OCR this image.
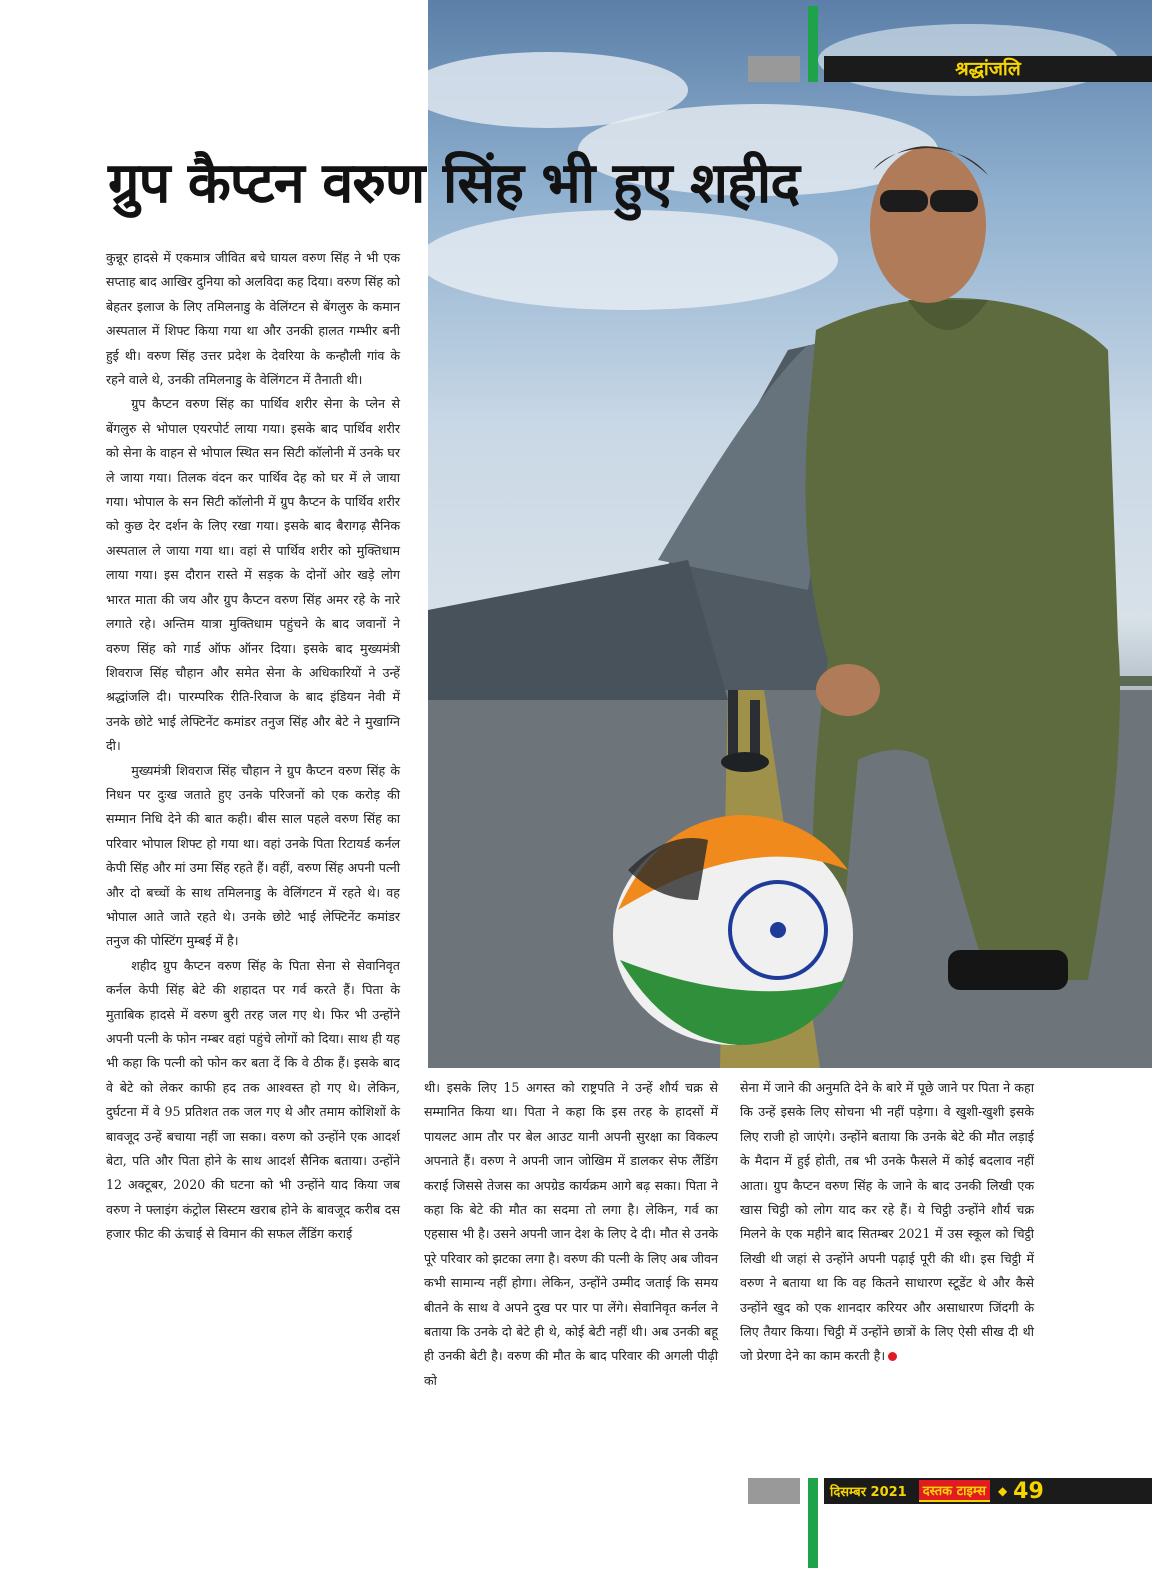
श्रद्धांजलि
ग्रुप कैप्टन वरुण सिंह भी हुए शहीद

कुन्नूर हादसे में एकमात्र जीवित बचे घायल वरुण सिंह ने भी एक सप्ताह बाद आखिर दुनिया को अलविदा कह दिया। वरुण सिंह को बेहतर इलाज के लिए तमिलनाडु के वेलिंग्टन से बेंगलुरु के कमान अस्पताल में शिफ्ट किया गया था और उनकी हालत गम्भीर बनी हुई थी। वरुण सिंह उत्तर प्रदेश के देवरिया के कन्हौली गांव के रहने वाले थे, उनकी तमिलनाडु के वेलिंगटन में तैनाती थी।

ग्रुप कैप्टन वरुण सिंह का पार्थिव शरीर सेना के प्लेन से बेंगलुरु से भोपाल एयरपोर्ट लाया गया। इसके बाद पार्थिव शरीर को सेना के वाहन से भोपाल स्थित सन सिटी कॉलोनी में उनके घर ले जाया गया। तिलक वंदन कर पार्थिव देह को घर में ले जाया गया। भोपाल के सन सिटी कॉलोनी में ग्रुप कैप्टन के पार्थिव शरीर को कुछ देर दर्शन के लिए रखा गया। इसके बाद बैरागढ़ सैनिक अस्पताल ले जाया गया था। वहां से पार्थिव शरीर को मुक्तिधाम लाया गया। इस दौरान रास्ते में सड़क के दोनों ओर खड़े लोग भारत माता की जय और ग्रुप कैप्टन वरुण सिंह अमर रहे के नारे लगाते रहे। अन्तिम यात्रा मुक्तिधाम पहुंचने के बाद जवानों ने वरुण सिंह को गार्ड ऑफ ऑनर दिया। इसके बाद मुख्यमंत्री शिवराज सिंह चौहान और समेत सेना के अधिकारियों ने उन्हें श्रद्धांजलि दी। पारम्परिक रीति-रिवाज के बाद इंडियन नेवी में उनके छोटे भाई लेफ्टिनेंट कमांडर तनुज सिंह और बेटे ने मुखाग्नि दी।

मुख्यमंत्री शिवराज सिंह चौहान ने ग्रुप कैप्टन वरुण सिंह के निधन पर दुःख जताते हुए उनके परिजनों को एक करोड़ की सम्मान निधि देने की बात कही। बीस साल पहले वरुण सिंह का परिवार भोपाल शिफ्ट हो गया था। वहां उनके पिता रिटायर्ड कर्नल केपी सिंह और मां उमा सिंह रहते हैं। वहीं, वरुण सिंह अपनी पत्नी और दो बच्चों के साथ तमिलनाडु के वेलिंगटन में रहते थे। वह भोपाल आते जाते रहते थे। उनके छोटे भाई लेफ्टिनेंट कमांडर तनुज की पोस्टिंग मुम्बई में है।

शहीद ग्रुप कैप्टन वरुण सिंह के पिता सेना से सेवानिवृत कर्नल केपी सिंह बेटे की शहादत पर गर्व करते हैं। पिता के मुताबिक हादसे में वरुण बुरी तरह जल गए थे। फिर भी उन्होंने अपनी पत्नी के फोन नम्बर वहां पहुंचे लोगों को दिया। साथ ही यह भी कहा कि पत्नी को फोन कर बता दें कि वे ठीक हैं। इसके बाद वे बेटे को लेकर काफी हद तक आश्वस्त हो गए थे। लेकिन, दुर्घटना में वे 95 प्रतिशत तक जल गए थे और तमाम कोशिशों के बावजूद उन्हें बचाया नहीं जा सका। वरुण को उन्होंने एक आदर्श बेटा, पति और पिता होने के साथ आदर्श सैनिक बताया। उन्होंने 12 अक्टूबर, 2020 की घटना को भी उन्होंने याद किया जब वरुण ने फ्लाइंग कंट्रोल सिस्टम खराब होने के बावजूद करीब दस हजार फीट की ऊंचाई से विमान की सफल लैंडिंग कराई

थी। इसके लिए 15 अगस्त को राष्ट्रपति ने उन्हें शौर्य चक्र से सम्मानित किया था। पिता ने कहा कि इस तरह के हादसों में पायलट आम तौर पर बेल आउट यानी अपनी सुरक्षा का विकल्प अपनाते हैं। वरुण ने अपनी जान जोखिम में डालकर सेफ लैंडिंग कराई जिससे तेजस का अपग्रेड कार्यक्रम आगे बढ़ सका। पिता ने कहा कि बेटे की मौत का सदमा तो लगा है। लेकिन, गर्व का एहसास भी है। उसने अपनी जान देश के लिए दे दी। मौत से उनके पूरे परिवार को झटका लगा है। वरुण की पत्नी के लिए अब जीवन कभी सामान्य नहीं होगा। लेकिन, उन्होंने उम्मीद जताई कि समय बीतने के साथ वे अपने दुख पर पार पा लेंगे। सेवानिवृत कर्नल ने बताया कि उनके दो बेटे ही थे, कोई बेटी नहीं थी। अब उनकी बहू ही उनकी बेटी है। वरुण की मौत के बाद परिवार की अगली पीढ़ी को

सेना में जाने की अनुमति देने के बारे में पूछे जाने पर पिता ने कहा कि उन्हें इसके लिए सोचना भी नहीं पड़ेगा। वे खुशी-खुशी इसके लिए राजी हो जाएंगे। उन्होंने बताया कि उनके बेटे की मौत लड़ाई के मैदान में हुई होती, तब भी उनके फैसले में कोई बदलाव नहीं आता। ग्रुप कैप्टन वरुण सिंह के जाने के बाद उनकी लिखी एक खास चिट्ठी को लोग याद कर रहे हैं। ये चिट्ठी उन्होंने शौर्य चक्र मिलने के एक महीने बाद सितम्बर 2021 में उस स्कूल को चिट्ठी लिखी थी जहां से उन्होंने अपनी पढ़ाई पूरी की थी। इस चिट्ठी में वरुण ने बताया था कि वह कितने साधारण स्टूडेंट थे और कैसे उन्होंने खुद को एक शानदार करियर और असाधारण जिंदगी के लिए तैयार किया। चिट्ठी में उन्होंने छात्रों के लिए ऐसी सीख दी थी जो प्रेरणा देने का काम करती है।

दिसम्बर 2021	दस्तक टाइम्स	◆ 49
